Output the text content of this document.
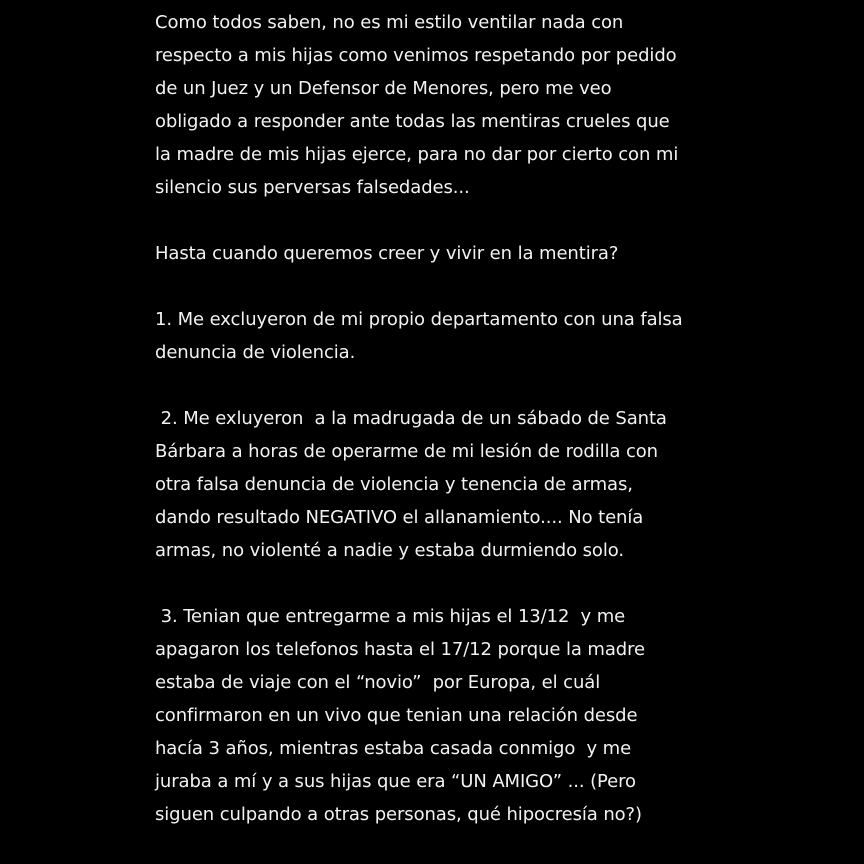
Como todos saben, no es mi estilo ventilar nada con
respecto a mis hijas como venimos respetando por pedido
de un Juez y un Defensor de Menores, pero me veo
obligado a responder ante todas las mentiras crueles que
la madre de mis hijas ejerce, para no dar por cierto con mi
silencio sus perversas falsedades...
Hasta cuando queremos creer y vivir en la mentira?
1. Me excluyeron de mi propio departamento con una falsa
denuncia de violencia.
2. Me exluyeron  a la madrugada de un sábado de Santa
Bárbara a horas de operarme de mi lesión de rodilla con
otra falsa denuncia de violencia y tenencia de armas,
dando resultado NEGATIVO el allanamiento.... No tenía
armas, no violenté a nadie y estaba durmiendo solo.
3. Tenian que entregarme a mis hijas el 13/12  y me
apagaron los telefonos hasta el 17/12 porque la madre
estaba de viaje con el “novio”  por Europa, el cuál
confirmaron en un vivo que tenian una relación desde
hacía 3 años, mientras estaba casada conmigo  y me
juraba a mí y a sus hijas que era “UN AMIGO” ... (Pero
siguen culpando a otras personas, qué hipocresía no?)
